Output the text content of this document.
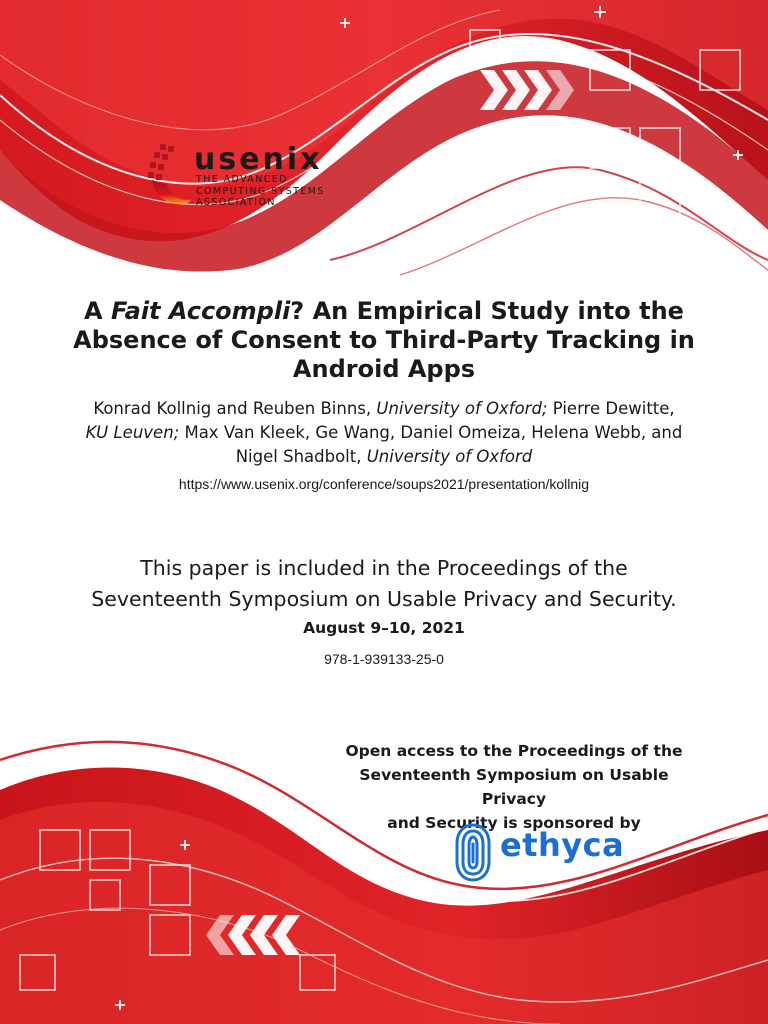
usenix
THE ADVANCED
COMPUTING SYSTEMS
ASSOCIATION
A Fait Accompli? An Empirical Study into the Absence of Consent to Third-Party Tracking in Android Apps
Konrad Kollnig and Reuben Binns, University of Oxford; Pierre Dewitte,
KU Leuven; Max Van Kleek, Ge Wang, Daniel Omeiza, Helena Webb, and
Nigel Shadbolt, University of Oxford
https://www.usenix.org/conference/soups2021/presentation/kollnig
This paper is included in the Proceedings of the
Seventeenth Symposium on Usable Privacy and Security.
August 9–10, 2021
978-1-939133-25-0
Open access to the Proceedings of the
Seventeenth Symposium on Usable Privacy
and Security is sponsored by
ethyca
